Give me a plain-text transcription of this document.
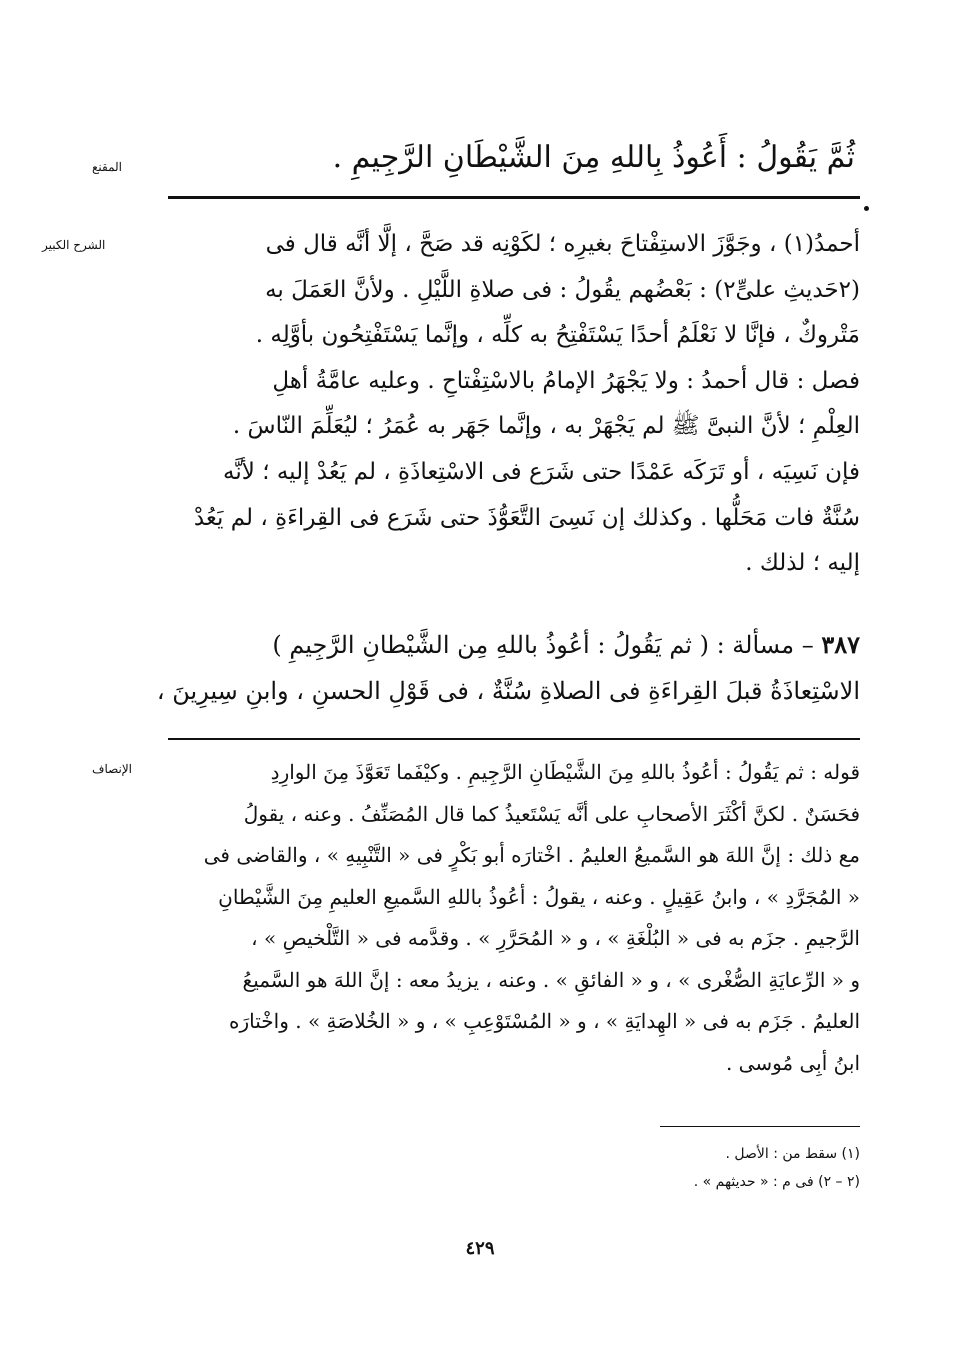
المقنع	ثُمَّ يَقُولُ : أَعُوذُ بِاللهِ مِنَ الشَّيْطَانِ الرَّجِيمِ .
الشرح الكبير	أحمدُ(١) ، وجَوَّزَ الاستِفْتاحَ بغيرِه ؛ لكَوْنِه قد صَحَّ ، إلَّا أنَّه قال فى
(٢حَديثِ علىٍّ٢) : بَعْضُهم يقُولُ : فى صلاةِ اللَّيْلِ . ولأنَّ العَمَلَ به
مَتْروكٌ ، فإنَّا لا نَعْلَمُ أحدًا يَسْتَفْتِحُ به كلِّه ، وإنَّما يَسْتَفْتِحُون بأوَّلِه .
فصل : قال أحمدُ : ولا يَجْهَرُ الإمامُ بالاسْتِفْتاحِ . وعليه عامَّةُ أهلِ
العِلْمِ ؛ لأنَّ النبىَّ ﷺ لم يَجْهَرْ به ، وإنَّما جَهَر به عُمَرُ ؛ ليُعَلِّمَ النّاسَ .
فإن نَسِيَه ، أو تَرَكَه عَمْدًا حتى شَرَع فى الاسْتِعاذَةِ ، لم يَعُدْ إليه ؛ لأنَّه
سُنَّةٌ فات مَحَلُّها . وكذلك إن نَسِىَ التَّعَوُّذَ حتى شَرَع فى القِراءَةِ ، لم يَعُدْ
إليه ؛ لذلك .
٣٨٧ – مسألة : ( ثم يَقُولُ : أعُوذُ باللهِ مِن الشَّيْطانِ الرَّجِيمِ )
الاسْتِعاذَةُ قبلَ القِراءَةِ فى الصلاةِ سُنَّةٌ ، فى قَوْلِ الحسنِ ، وابنِ سِيرِينَ ،
الإنصاف	قوله : ثم يَقُولُ : أعُوذُ باللهِ مِنَ الشَّيْطَانِ الرَّجِيمِ . وكيْفَما تَعَوَّذَ مِنَ الوارِدِ
فحَسَنٌ . لكنَّ أكْثَرَ الأصحابِ على أنَّه يَسْتَعيذُ كما قال المُصَنِّفُ . وعنه ، يقولُ
مع ذلك : إنَّ اللهَ هو السَّميعُ العليمُ . اخْتارَه أبو بَكْرٍ فى « التَّنْبِيهِ » ، والقاضى فى
« المُجَرَّدِ » ، وابنُ عَقِيلٍ . وعنه ، يقولُ : أعُوذُ باللهِ السَّميعِ العليمِ مِنَ الشَّيْطانِ
الرَّجيمِ . جزَم به فى « البُلْغَةِ » ، و « المُحَرَّرِ » . وقدَّمه فى « التَّلْخيصِ » ،
و « الرِّعايَةِ الصُّغْرى » ، و « الفائقِ » . وعنه ، يزيدُ معه : إنَّ اللهَ هو السَّميعُ
العليمُ . جَزَم به فى « الهِدايَةِ » ، و « المُسْتَوْعِبِ » ، و « الخُلاصَةِ » . واخْتارَه
ابنُ أبِى مُوسى .
(١) سقط من : الأصل .
(٢ – ٢) فى م : « حديثهم » .
٤٢٩
